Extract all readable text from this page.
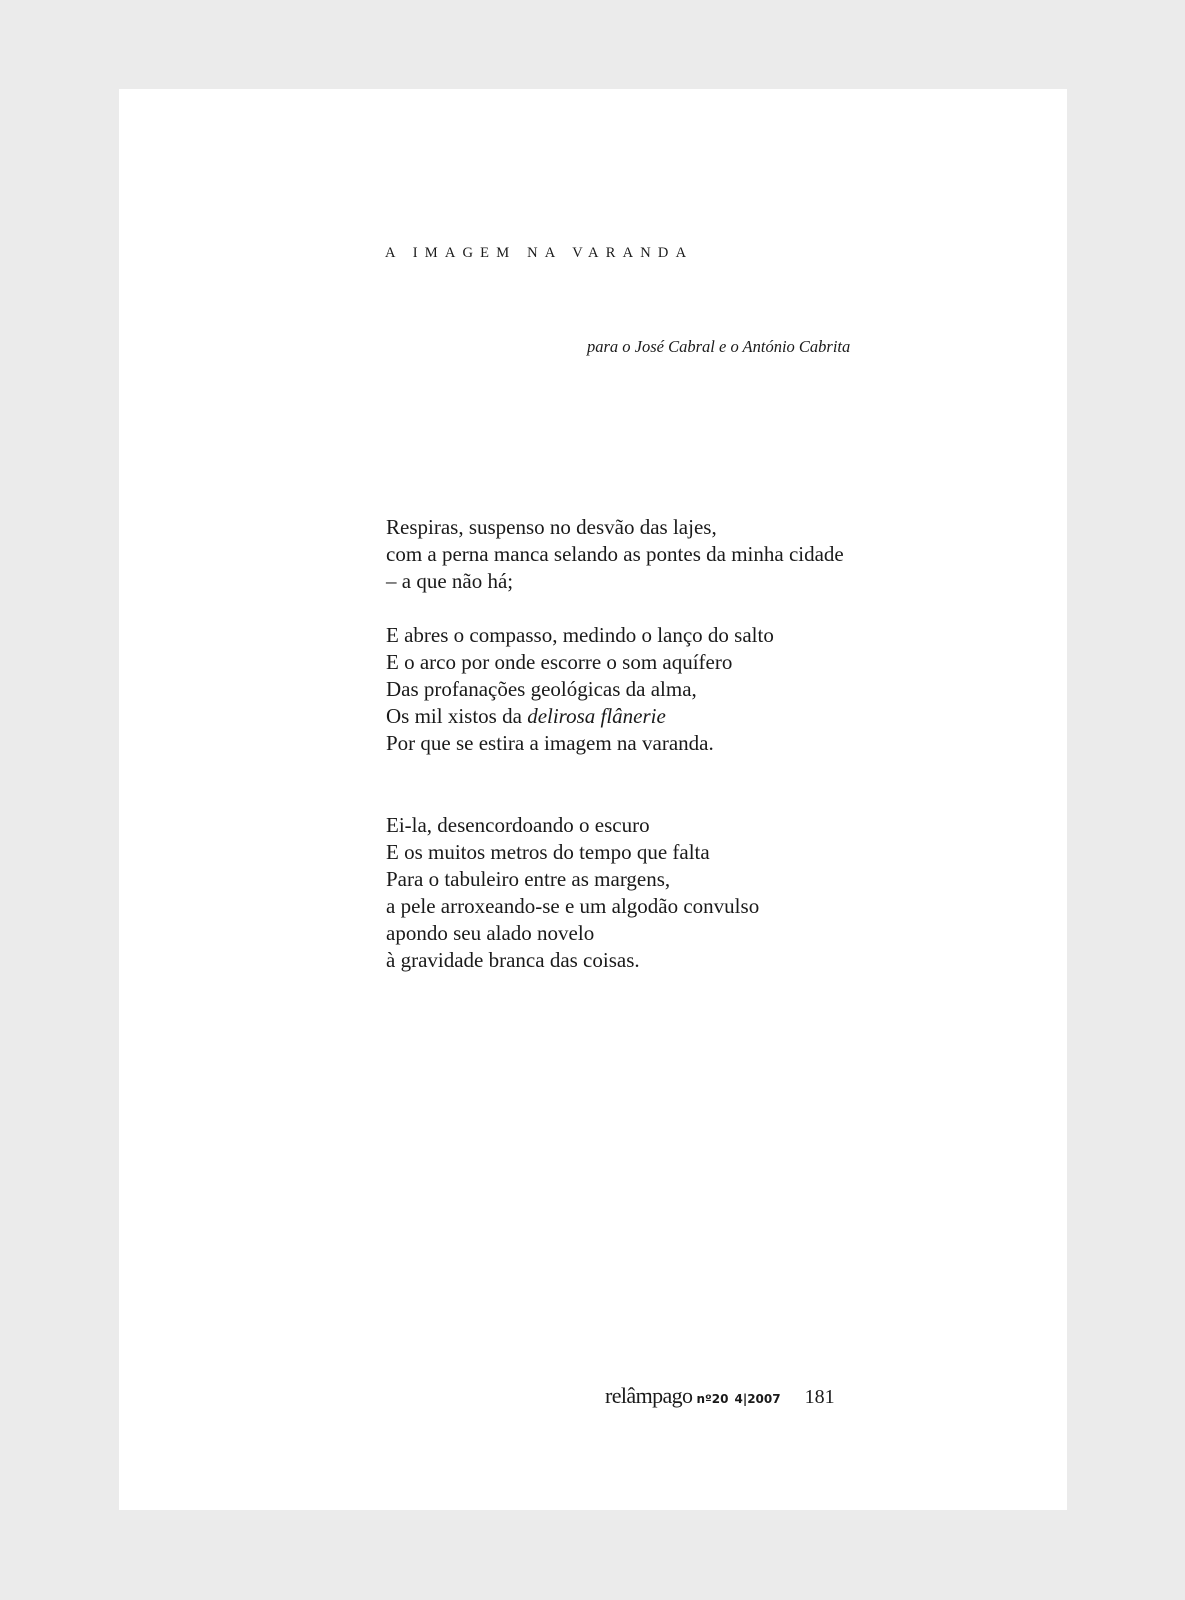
A IMAGEM NA VARANDA

para o José Cabral e o António Cabrita

Respiras, suspenso no desvão das lajes,
com a perna manca selando as pontes da minha cidade
– a que não há;

E abres o compasso, medindo o lanço do salto
E o arco por onde escorre o som aquífero
Das profanações geológicas da alma,
Os mil xistos da delirosa flânerie
Por que se estira a imagem na varanda.

Ei-la, desencordoando o escuro
E os muitos metros do tempo que falta
Para o tabuleiro entre as margens,
a pele arroxeando-se e um algodão convulso
apondo seu alado novelo
à gravidade branca das coisas.

relâmpago nº20 4|2007 181
